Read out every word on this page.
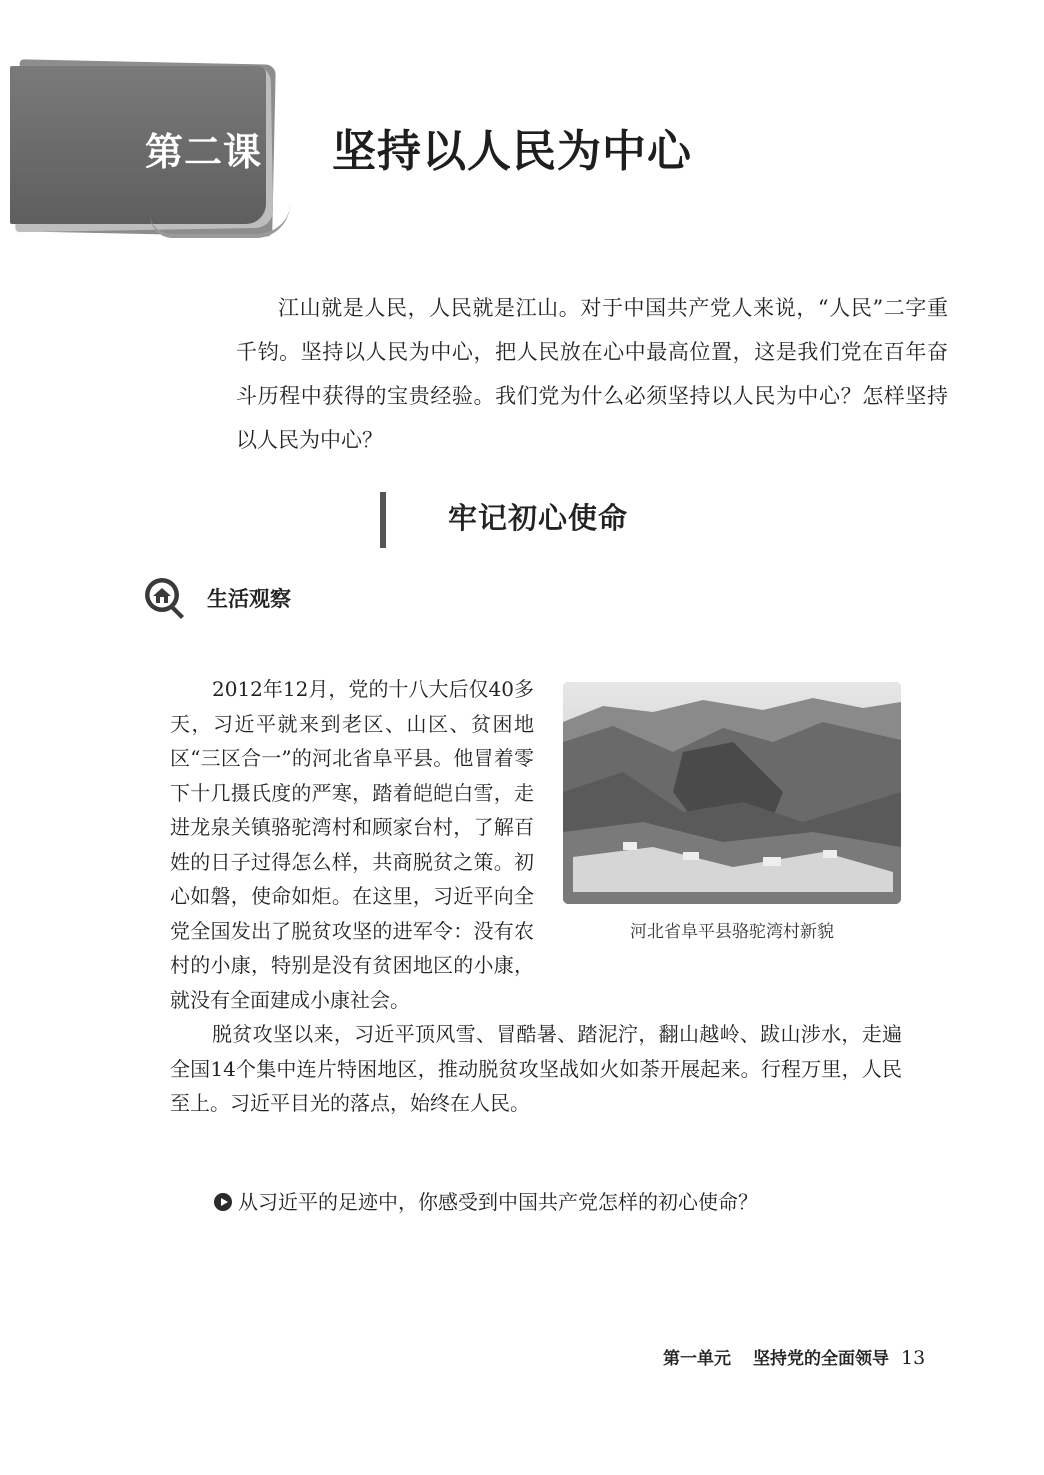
第二课 坚持以人民为中心
江山就是人民，人民就是江山。对于中国共产党人来说，“人民”二字重千钧。坚持以人民为中心，把人民放在心中最高位置，这是我们党在百年奋斗历程中获得的宝贵经验。我们党为什么必须坚持以人民为中心？怎样坚持以人民为中心？
牢记初心使命
生活观察
河北省阜平县骆驼湾村新貌

2012年12月，党的十八大后仅40多天，习近平就来到老区、山区、贫困地区“三区合一”的河北省阜平县。他冒着零下十几摄氏度的严寒，踏着皑皑白雪，走进龙泉关镇骆驼湾村和顾家台村，了解百姓的日子过得怎么样，共商脱贫之策。初心如磐，使命如炬。在这里，习近平向全党全国发出了脱贫攻坚的进军令：没有农村的小康，特别是没有贫困地区的小康，就没有全面建成小康社会。

脱贫攻坚以来，习近平顶风雪、冒酷暑、踏泥泞，翻山越岭、跋山涉水，走遍全国14个集中连片特困地区，推动脱贫攻坚战如火如荼开展起来。行程万里，人民至上。习近平目光的落点，始终在人民。

从习近平的足迹中，你感受到中国共产党怎样的初心使命？
第一单元 坚持党的全面领导 13
